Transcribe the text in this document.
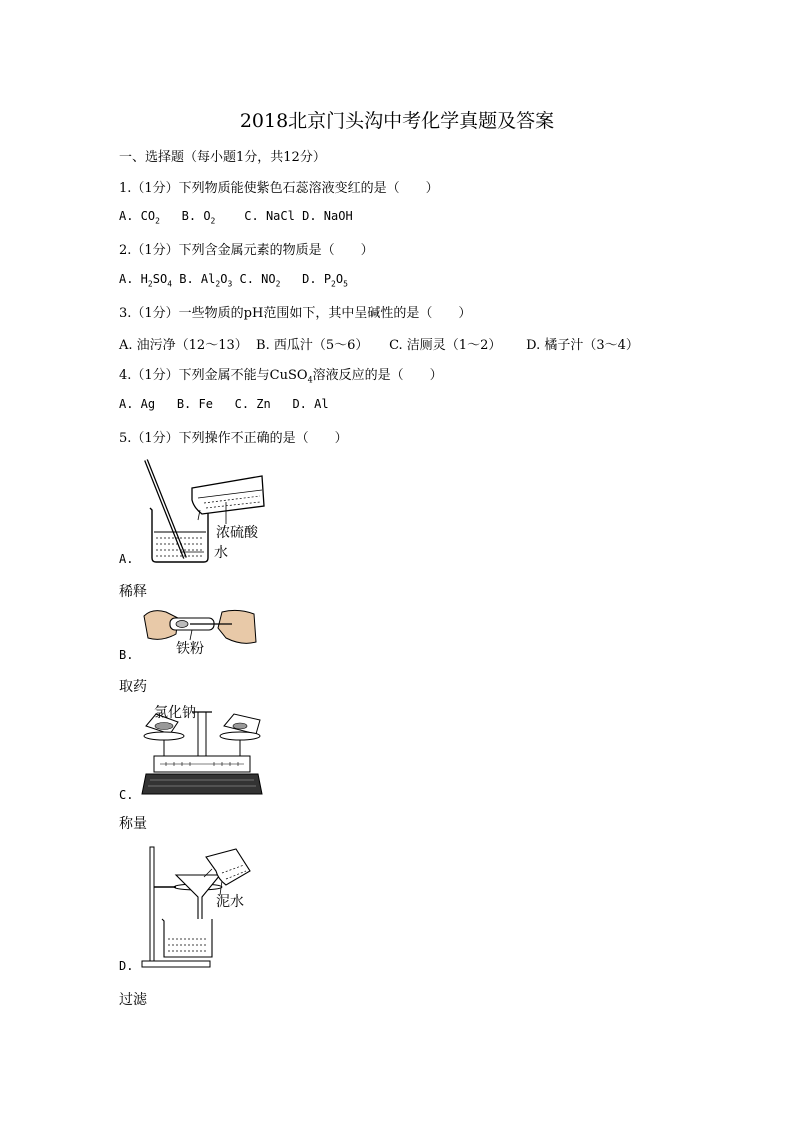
2018北京门头沟中考化学真题及答案
一、选择题（每小题1分，共12分）
1.（1分）下列物质能使紫色石蕊溶液变红的是（　　）
A. $CO_2$ B. $O_2$ C. NaCl D. NaOH
2.（1分）下列含金属元素的物质是（　　）
A. $H_2SO_4$ B. $Al_2O_3$ C. $NO_2$ D. $P_2O_5$
3.（1分）一些物质的pH范围如下，其中呈碱性的是（　　）
A. 油污净（12～13） B. 西瓜汁（5～6） C. 洁厕灵（1～2） D. 橘子汁（3～4）
4.（1分）下列金属不能与CuSO$_4$溶液反应的是（　　）
A. Ag B. Fe C. Zn D. Al
5.（1分）下列操作不正确的是（　　）
浓硫酸
水
A.
稀释
铁粉
B.
取药
氯化钠
C.
称量
泥水
D.
过滤
